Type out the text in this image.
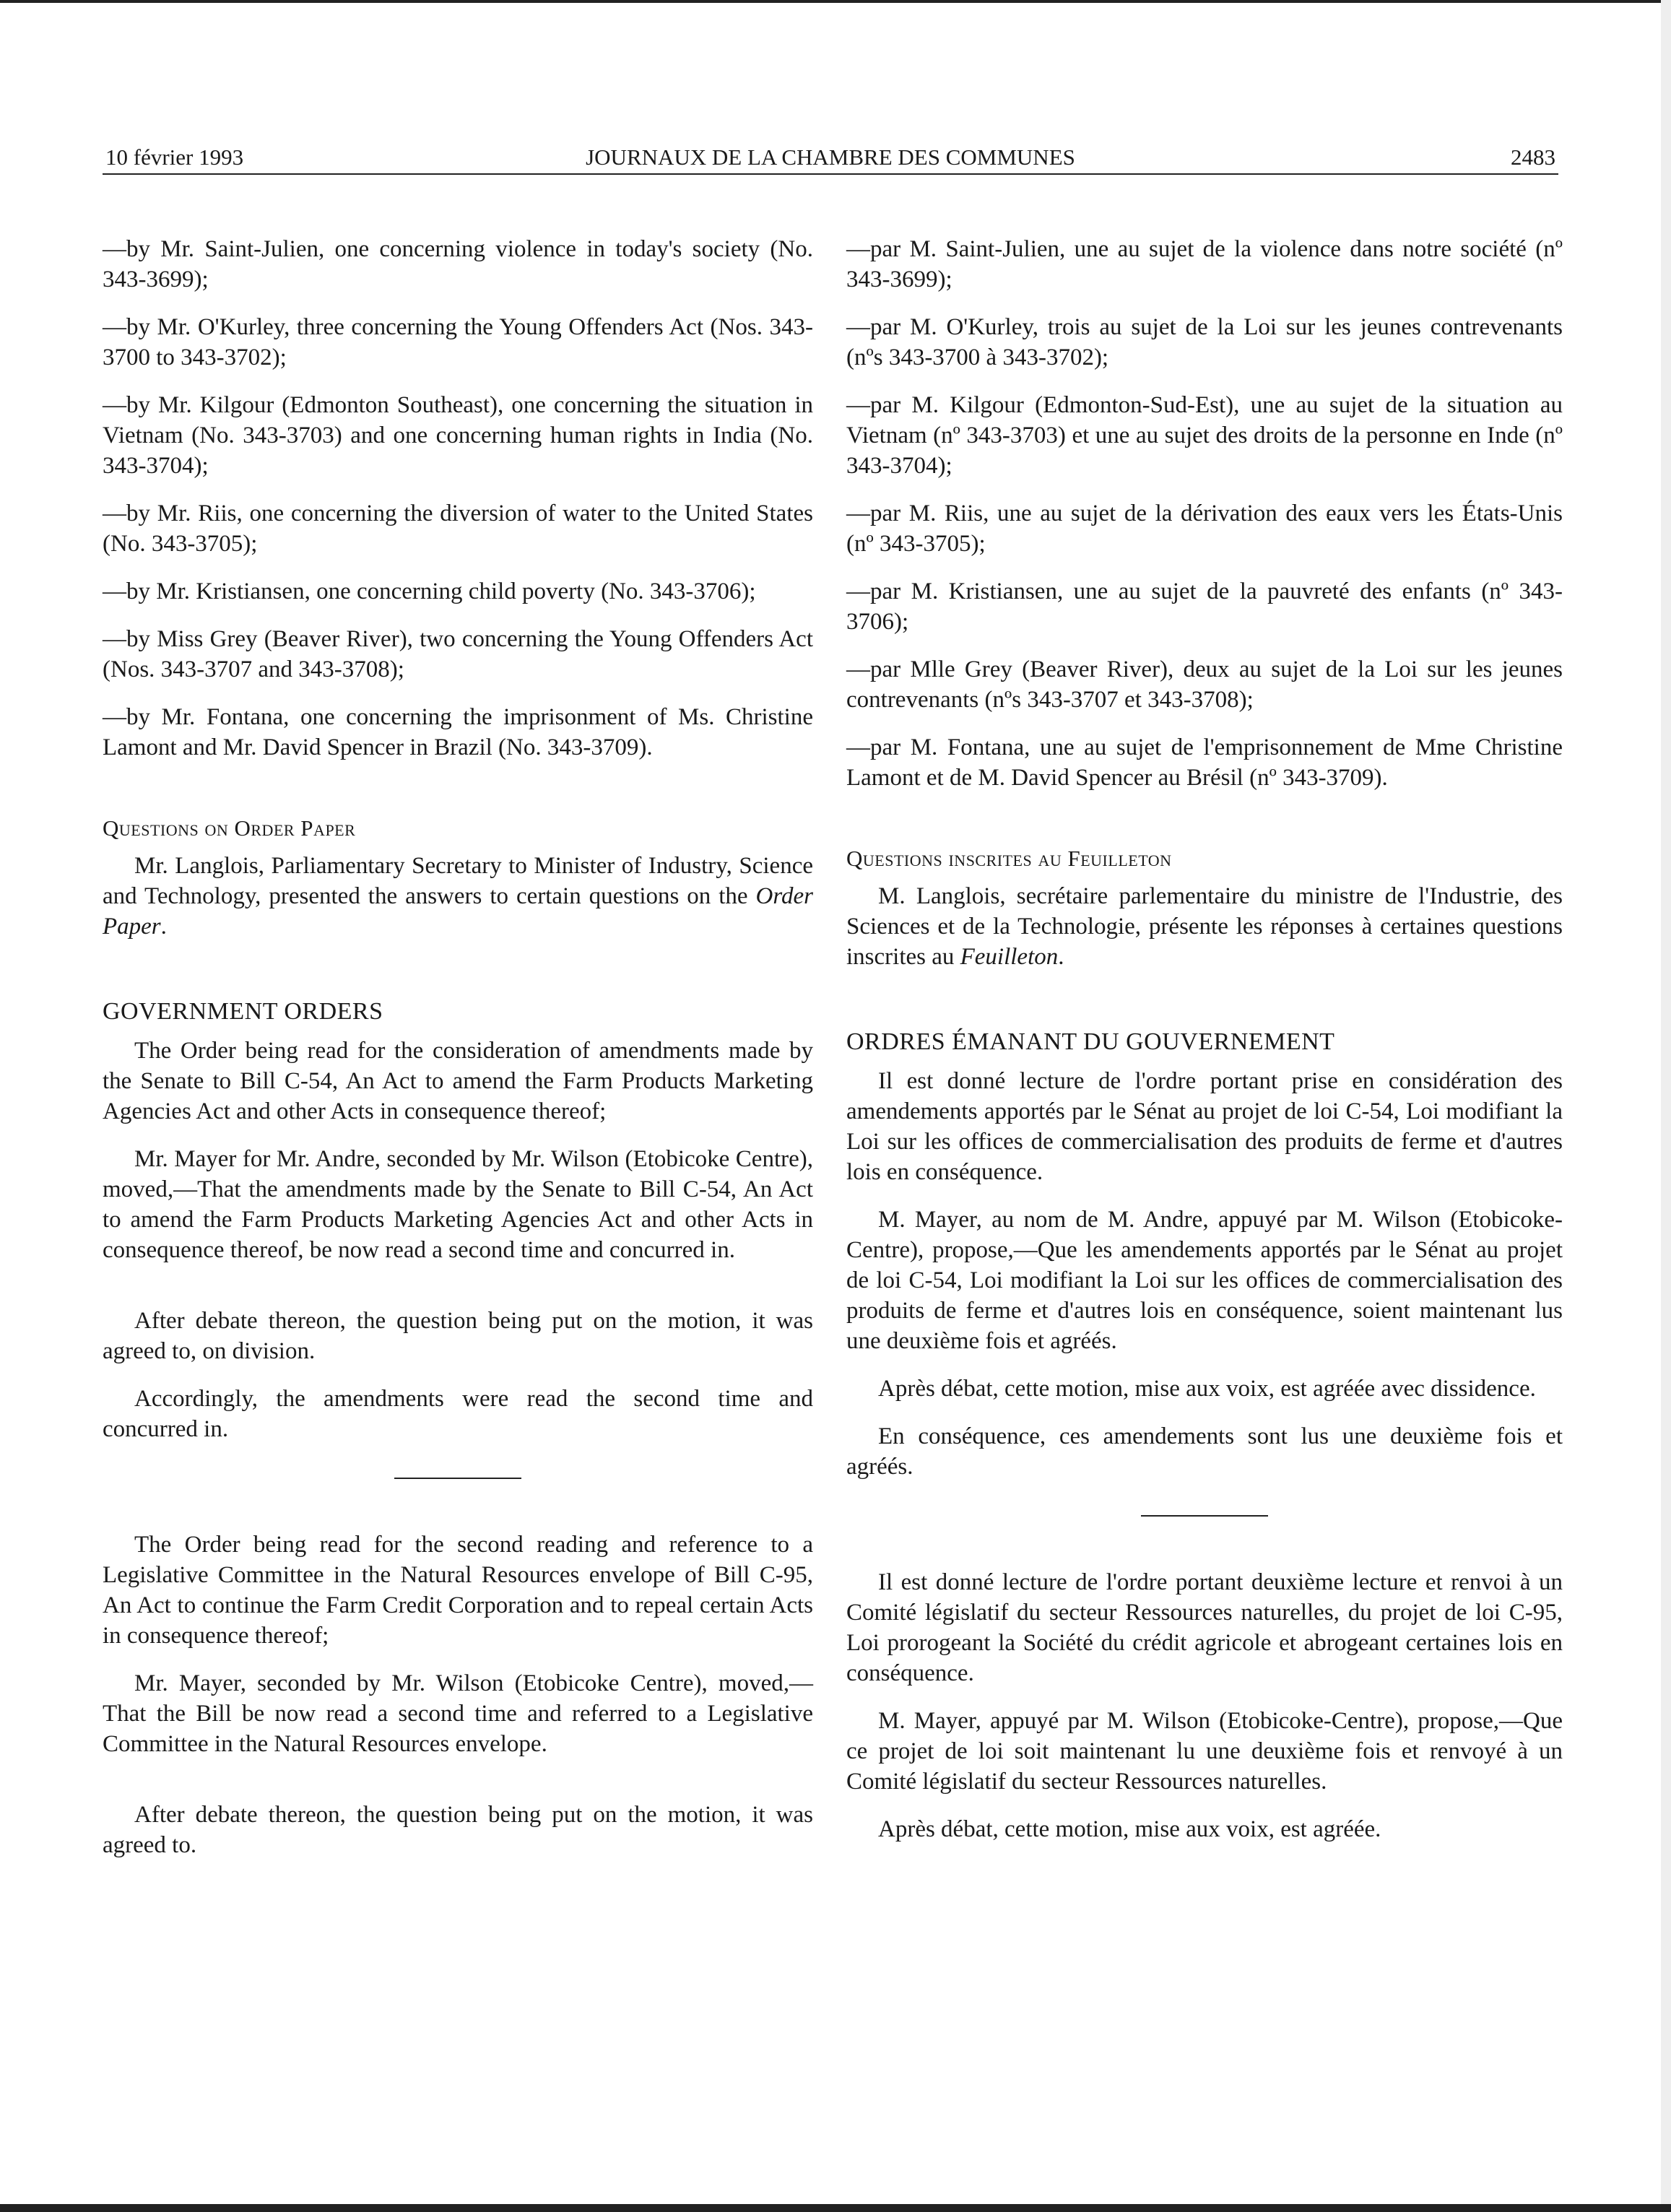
10 février 1993	JOURNAUX DE LA CHAMBRE DES COMMUNES	2483

—by Mr. Saint-Julien, one concerning violence in today's society (No. 343-3699);

—by Mr. O'Kurley, three concerning the Young Offenders Act (Nos. 343-3700 to 343-3702);

—by Mr. Kilgour (Edmonton Southeast), one concerning the situation in Vietnam (No. 343-3703) and one concerning human rights in India (No. 343-3704);

—by Mr. Riis, one concerning the diversion of water to the United States (No. 343-3705);

—by Mr. Kristiansen, one concerning child poverty (No. 343-3706);

—by Miss Grey (Beaver River), two concerning the Young Offenders Act (Nos. 343-3707 and 343-3708);

—by Mr. Fontana, one concerning the imprisonment of Ms. Christine Lamont and Mr. David Spencer in Brazil (No. 343-3709).

Questions on Order Paper

Mr. Langlois, Parliamentary Secretary to Minister of Industry, Science and Technology, presented the answers to certain questions on the Order Paper.

GOVERNMENT ORDERS

The Order being read for the consideration of amendments made by the Senate to Bill C-54, An Act to amend the Farm Products Marketing Agencies Act and other Acts in consequence thereof;

Mr. Mayer for Mr. Andre, seconded by Mr. Wilson (Etobicoke Centre), moved,—That the amendments made by the Senate to Bill C-54, An Act to amend the Farm Products Marketing Agencies Act and other Acts in consequence thereof, be now read a second time and concurred in.

After debate thereon, the question being put on the motion, it was agreed to, on division.

Accordingly, the amendments were read the second time and concurred in.

The Order being read for the second reading and reference to a Legislative Committee in the Natural Resources envelope of Bill C-95, An Act to continue the Farm Credit Corporation and to repeal certain Acts in consequence thereof;

Mr. Mayer, seconded by Mr. Wilson (Etobicoke Centre), moved,—That the Bill be now read a second time and referred to a Legislative Committee in the Natural Resources envelope.

After debate thereon, the question being put on the motion, it was agreed to.

—par M. Saint-Julien, une au sujet de la violence dans notre société (nº 343-3699);

—par M. O'Kurley, trois au sujet de la Loi sur les jeunes contrevenants (nºs 343-3700 à 343-3702);

—par M. Kilgour (Edmonton-Sud-Est), une au sujet de la situation au Vietnam (nº 343-3703) et une au sujet des droits de la personne en Inde (nº 343-3704);

—par M. Riis, une au sujet de la dérivation des eaux vers les États-Unis (nº 343-3705);

—par M. Kristiansen, une au sujet de la pauvreté des enfants (nº 343-3706);

—par Mlle Grey (Beaver River), deux au sujet de la Loi sur les jeunes contrevenants (nºs 343-3707 et 343-3708);

—par M. Fontana, une au sujet de l'emprisonnement de Mme Christine Lamont et de M. David Spencer au Brésil (nº 343-3709).

Questions inscrites au Feuilleton

M. Langlois, secrétaire parlementaire du ministre de l'Industrie, des Sciences et de la Technologie, présente les réponses à certaines questions inscrites au Feuilleton.

ORDRES ÉMANANT DU GOUVERNEMENT

Il est donné lecture de l'ordre portant prise en considération des amendements apportés par le Sénat au projet de loi C-54, Loi modifiant la Loi sur les offices de commercialisation des produits de ferme et d'autres lois en conséquence.

M. Mayer, au nom de M. Andre, appuyé par M. Wilson (Etobicoke-Centre), propose,—Que les amendements apportés par le Sénat au projet de loi C-54, Loi modifiant la Loi sur les offices de commercialisation des produits de ferme et d'autres lois en conséquence, soient maintenant lus une deuxième fois et agréés.

Après débat, cette motion, mise aux voix, est agréée avec dissidence.

En conséquence, ces amendements sont lus une deuxième fois et agréés.

Il est donné lecture de l'ordre portant deuxième lecture et renvoi à un Comité législatif du secteur Ressources naturelles, du projet de loi C-95, Loi prorogeant la Société du crédit agricole et abrogeant certaines lois en conséquence.

M. Mayer, appuyé par M. Wilson (Etobicoke-Centre), propose,—Que ce projet de loi soit maintenant lu une deuxième fois et renvoyé à un Comité législatif du secteur Ressources naturelles.

Après débat, cette motion, mise aux voix, est agréée.
